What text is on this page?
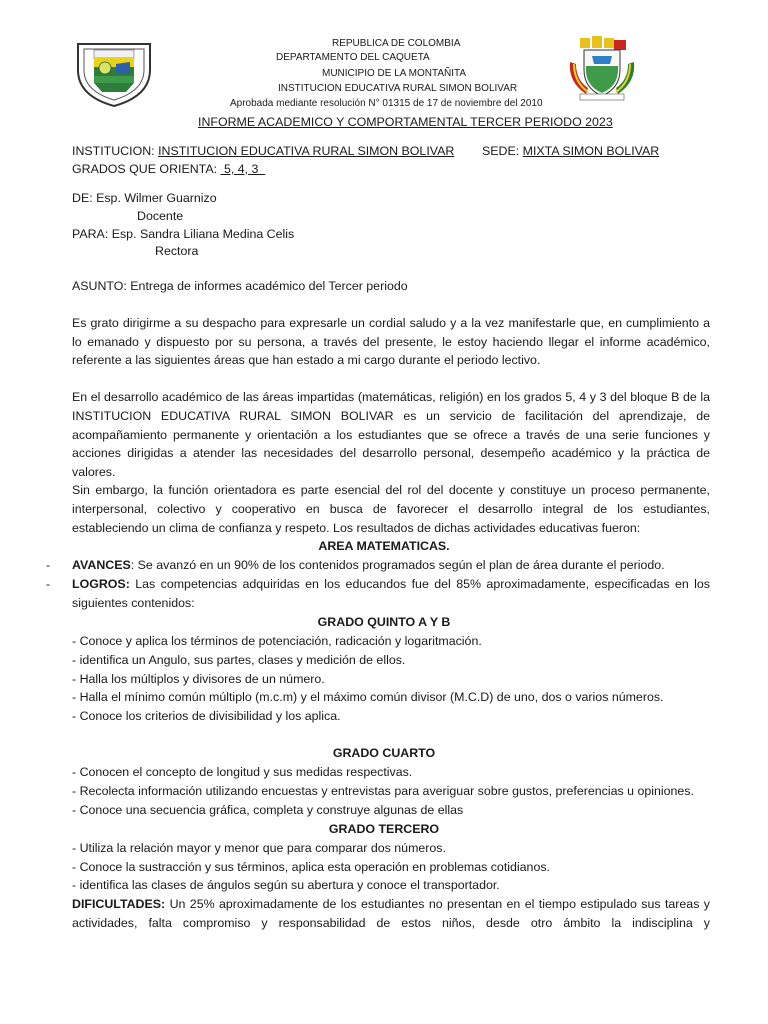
REPUBLICA DE COLOMBIA
DEPARTAMENTO DEL CAQUETA
MUNICIPIO DE LA MONTAÑITA
INSTITUCION EDUCATIVA RURAL SIMON BOLIVAR
Aprobada mediante resolución N° 01315 de 17 de noviembre del 2010
INFORME ACADEMICO Y COMPORTAMENTAL TERCER PERIODO 2023
INSTITUCION: INSTITUCION EDUCATIVA RURAL SIMON BOLIVAR SEDE: MIXTA SIMON BOLIVAR
GRADOS QUE ORIENTA:  5, 4, 3
DE: Esp. Wilmer Guarnizo
Docente
PARA: Esp. Sandra Liliana Medina Celis
Rectora
ASUNTO: Entrega de informes académico del Tercer periodo
Es grato dirigirme a su despacho para expresarle un cordial saludo y a la vez manifestarle que, en cumplimiento a
lo emanado y dispuesto por su persona, a través del presente, le estoy haciendo llegar el informe académico,
referente a las siguientes áreas que han estado a mi cargo durante el periodo lectivo.
En el desarrollo académico de las áreas impartidas (matemáticas, religión) en los grados 5, 4 y 3 del bloque B de la
INSTITUCION EDUCATIVA RURAL SIMON BOLIVAR es un servicio de facilitación del aprendizaje, de
acompañamiento permanente y orientación a los estudiantes que se ofrece a través de una serie funciones y
acciones dirigidas a atender las necesidades del desarrollo personal, desempeño académico y la práctica de
valores.
Sin embargo, la función orientadora es parte esencial del rol del docente y constituye un proceso permanente,
interpersonal, colectivo y cooperativo en busca de favorecer el desarrollo integral de los estudiantes,
estableciendo un clima de confianza y respeto. Los resultados de dichas actividades educativas fueron:
AREA MATEMATICAS.
- AVANCES: Se avanzó en un 90% de los contenidos programados según el plan de área durante el periodo.
- LOGROS: Las competencias adquiridas en los educandos fue del 85% aproximadamente, especificadas en los
siguientes contenidos:
GRADO QUINTO A Y B
- Conoce y aplica los términos de potenciación, radicación y logaritmación.
- identifica un Angulo, sus partes, clases y medición de ellos.
- Halla los múltiplos y divisores de un número.
- Halla el mínimo común múltiplo (m.c.m) y el máximo común divisor (M.C.D) de uno, dos o varios números.
- Conoce los criterios de divisibilidad y los aplica.
GRADO CUARTO
- Conocen el concepto de longitud y sus medidas respectivas.
- Recolecta información utilizando encuestas y entrevistas para averiguar sobre gustos, preferencias u opiniones.
- Conoce una secuencia gráfica, completa y construye algunas de ellas
GRADO TERCERO
- Utiliza la relación mayor y menor que para comparar dos números.
- Conoce la sustracción y sus términos, aplica esta operación en problemas cotidianos.
- identifica las clases de ángulos según su abertura y conoce el transportador.
DIFICULTADES: Un 25% aproximadamente de los estudiantes no presentan en el tiempo estipulado sus tareas y
actividades, falta compromiso y responsabilidad de estos niños, desde otro ámbito la indisciplina y
